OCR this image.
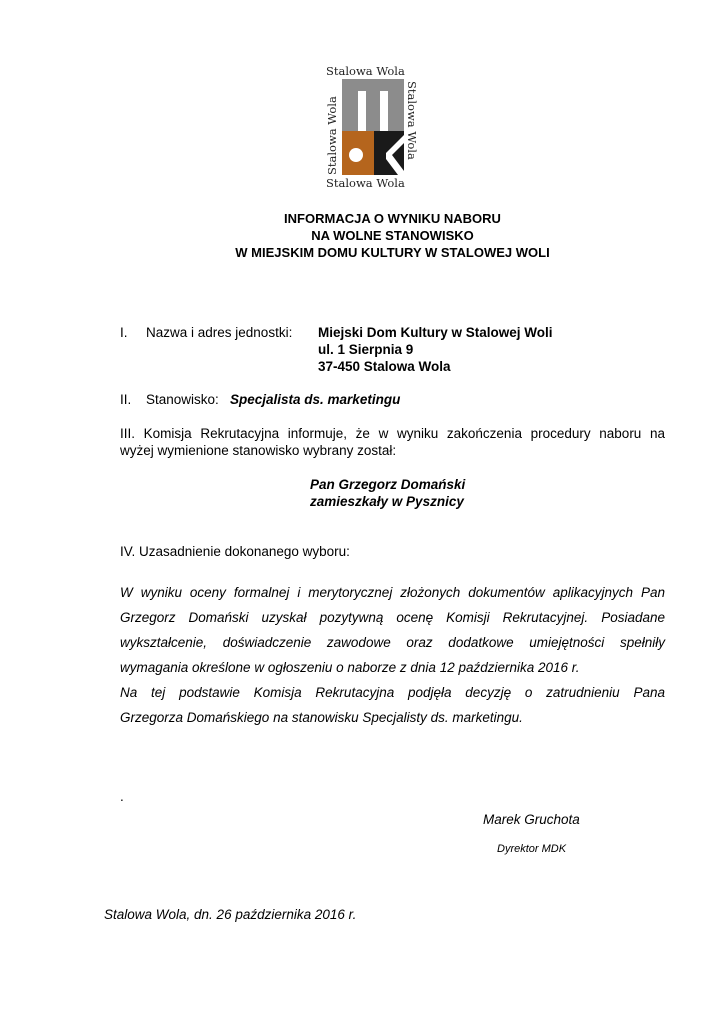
Stalowa Wola
Stalowa Wola
Stalowa Wola	Stalowa Wola
INFORMACJA O WYNIKU NABORU
NA WOLNE STANOWISKO
W MIEJSKIM DOMU KULTURY W STALOWEJ WOLI
I. Nazwa i adres jednostki: Miejski Dom Kultury w Stalowej Woli
ul. 1 Sierpnia 9
37-450 Stalowa Wola
II. Stanowisko: Specjalista ds. marketingu
III. Komisja Rekrutacyjna informuje, że w wyniku zakończenia procedury naboru na
wyżej wymienione stanowisko wybrany został:
Pan Grzegorz Domański
zamieszkały w Pysznicy
IV. Uzasadnienie dokonanego wyboru:
W wyniku oceny formalnej i merytorycznej złożonych dokumentów aplikacyjnych Pan
Grzegorz Domański uzyskał pozytywną ocenę Komisji Rekrutacyjnej. Posiadane
wykształcenie, doświadczenie zawodowe oraz dodatkowe umiejętności spełniły
wymagania określone w ogłoszeniu o naborze z dnia 12 października 2016 r.
Na tej podstawie Komisja Rekrutacyjna podjęła decyzję o zatrudnieniu Pana
Grzegorza Domańskiego na stanowisku Specjalisty ds. marketingu.
.
Marek Gruchota
Dyrektor MDK
Stalowa Wola, dn. 26 października 2016 r.
